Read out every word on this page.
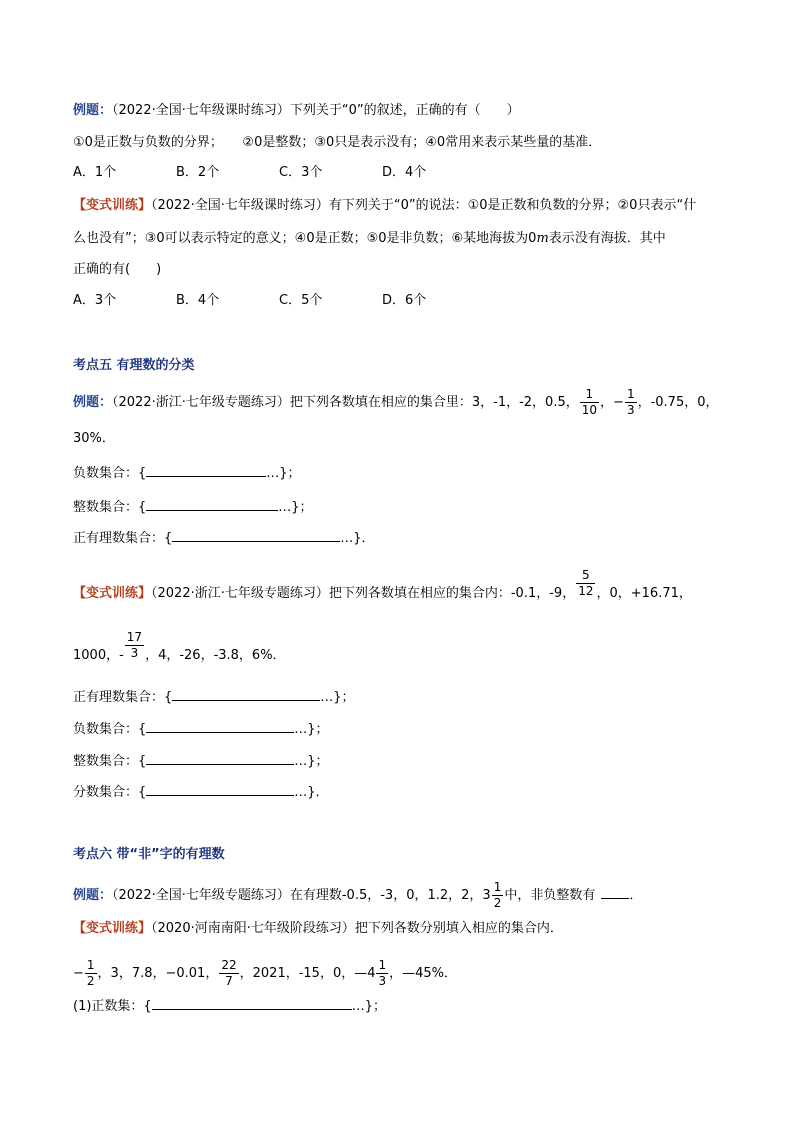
例题：（2022·全国·七年级课时练习）下列关于“0”的叙述，正确的有（　　）
①0是正数与负数的分界；　　②0是整数；③0只是表示没有；④0常用来表示某些量的基准．
A．1个	B．2个	C．3个	D．4个
【变式训练】（2022·全国·七年级课时练习）有下列关于“0”的说法：①0是正数和负数的分界；②0只表示“什
么也没有”；③0可以表示特定的意义；④0是正数；⑤0是非负数；⑥某地海拔为0m表示没有海拔．其中
正确的有(　　)
A．3个	B．4个	C．5个	D．6个
考点五 有理数的分类
例题：（2022·浙江·七年级专题练习）把下列各数填在相应的集合里：3，-1，-2，0.5， $\frac{1}{10}$ ，− $\frac{1}{3}$ ，-0.75，0，
30%．
负数集合：{	…}；
整数集合：{	…}；
正有理数集合：{	…}．
【变式训练】（2022·浙江·七年级专题练习）把下列各数填在相应的集合内：-0.1，-9， $\frac{5}{12}$ ，0，+16.71，
1000，- $\frac{17}{3}$ ，4，-26，-3.8，6%．
正有理数集合：{	…}；
负数集合：{	…}；
整数集合：{	…}；
分数集合：{	…}．
考点六 带“非”字的有理数
例题：（2022·全国·七年级专题练习）在有理数-0.5，-3，0，1.2，2，$3 \frac{1}{2}$ 中，非负整数有	．
【变式训练】（2020·河南南阳·七年级阶段练习）把下列各数分别填入相应的集合内．
− $\frac{1}{2}$ ，3，7.8，−0.01， $\frac{22}{7}$ ，2021，-15，0，—4 $\frac{1}{3}$ ，—45%．
(1)正数集：{	…}；
